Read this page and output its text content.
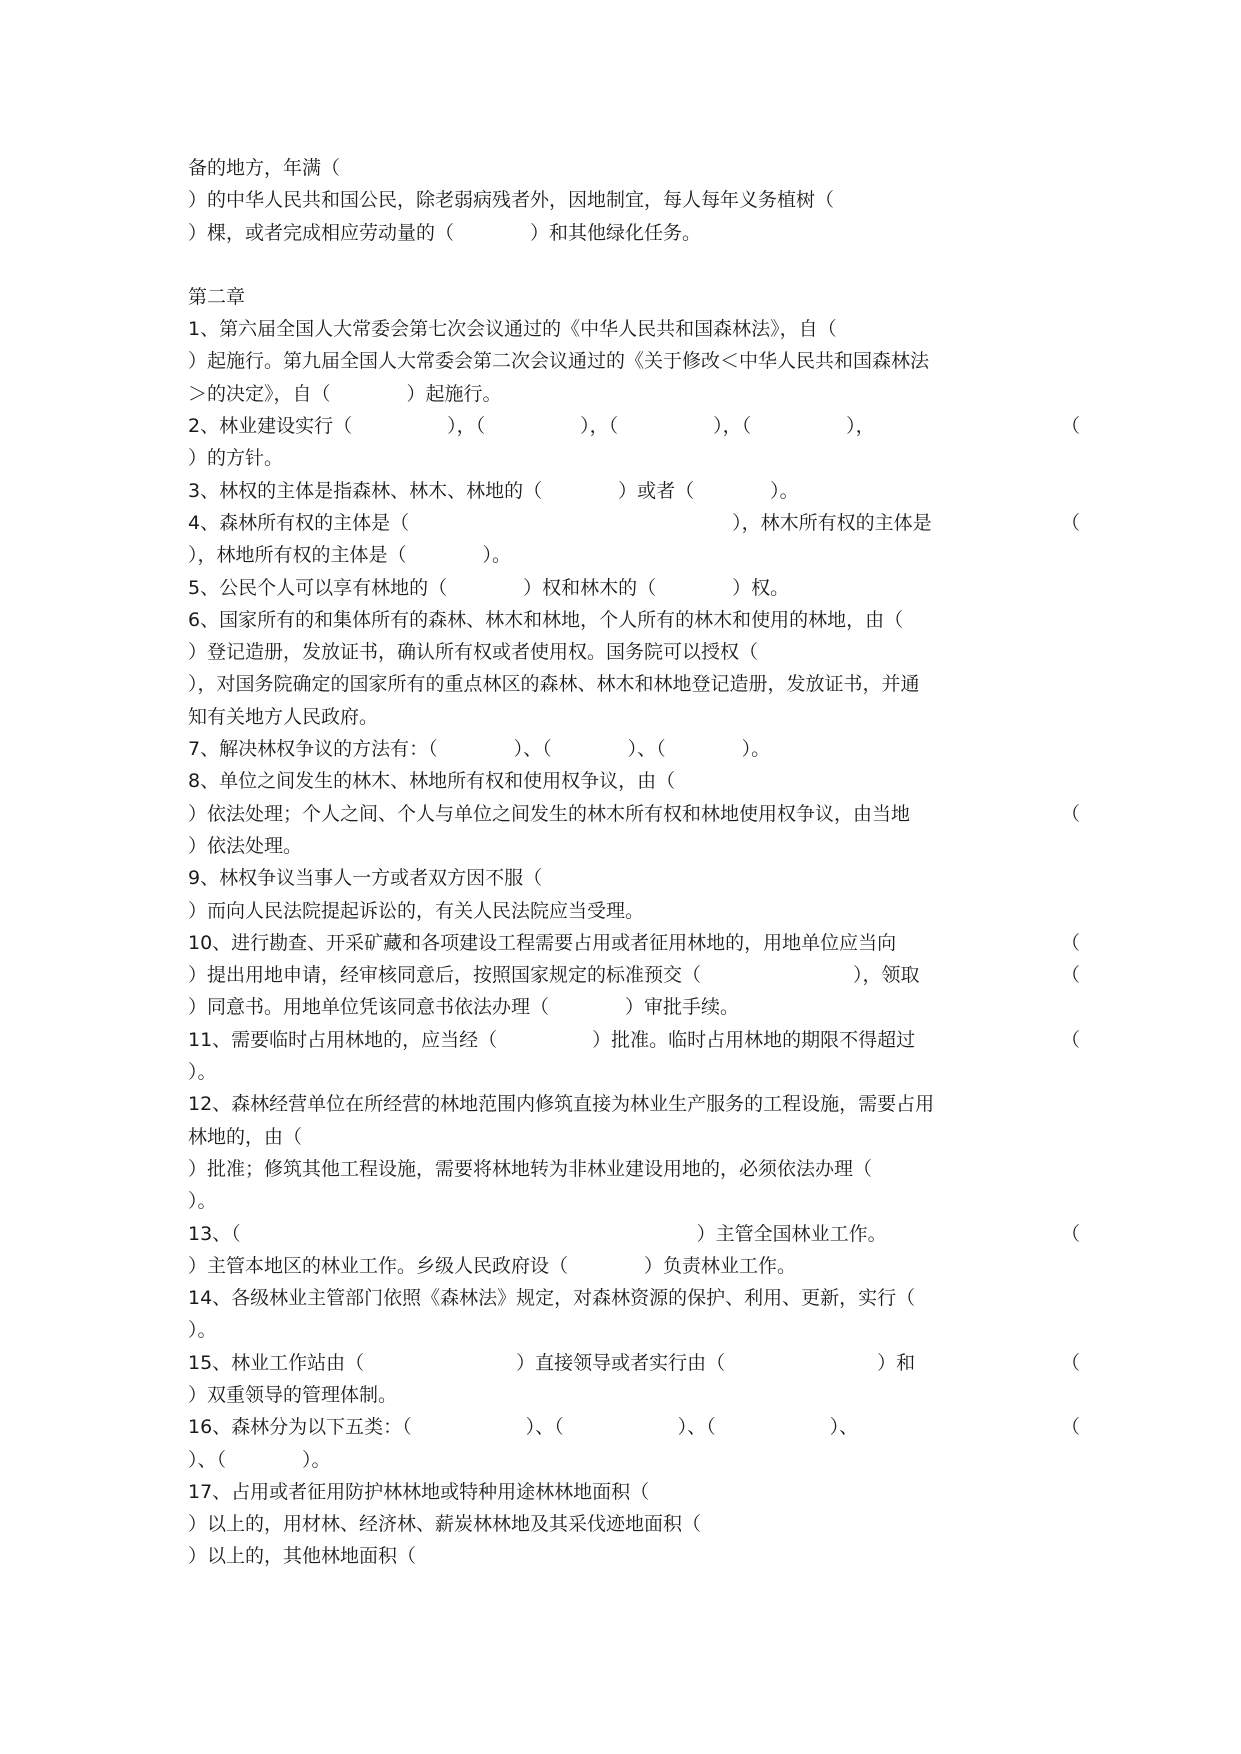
备的地方，年满（
）的中华人民共和国公民，除老弱病残者外，因地制宜，每人每年义务植树（
）棵，或者完成相应劳动量的（　　　　）和其他绿化任务。
第二章
1、第六届全国人大常委会第七次会议通过的《中华人民共和国森林法》，自（
）起施行。第九届全国人大常委会第二次会议通过的《关于修改＜中华人民共和国森林法
＞的决定》，自（　　　　）起施行。
2、林业建设实行（　　　　　），（　　　　　），（　　　　　），（　　　　　），	（
）的方针。
3、林权的主体是指森林、林木、林地的（　　　　）或者（　　　　）。
4、森林所有权的主体是（　　　　　　　　　　　　　　　　　），林木所有权的主体是	（
），林地所有权的主体是（　　　　）。
5、公民个人可以享有林地的（　　　　）权和林木的（　　　　）权。
6、国家所有的和集体所有的森林、林木和林地，个人所有的林木和使用的林地，由（
）登记造册，发放证书，确认所有权或者使用权。国务院可以授权（
），对国务院确定的国家所有的重点林区的森林、林木和林地登记造册，发放证书，并通
知有关地方人民政府。
7、解决林权争议的方法有：（　　　　）、（　　　　）、（　　　　）。
8、单位之间发生的林木、林地所有权和使用权争议，由（
）依法处理；个人之间、个人与单位之间发生的林木所有权和林地使用权争议，由当地	（
）依法处理。
9、林权争议当事人一方或者双方因不服（
）而向人民法院提起诉讼的，有关人民法院应当受理。
10、进行勘查、开采矿藏和各项建设工程需要占用或者征用林地的，用地单位应当向	（
）提出用地申请，经审核同意后，按照国家规定的标准预交（　　　　　　　　），领取	（
）同意书。用地单位凭该同意书依法办理（　　　　）审批手续。
11、需要临时占用林地的，应当经（　　　　　）批准。临时占用林地的期限不得超过	（
）。
12、森林经营单位在所经营的林地范围内修筑直接为林业生产服务的工程设施，需要占用
林地的，由（
）批准；修筑其他工程设施，需要将林地转为非林业建设用地的，必须依法办理（
）。
13、（　　　　　　　　　　　　　　　　　　　　　　　　）主管全国林业工作。	（
）主管本地区的林业工作。乡级人民政府设（　　　　）负责林业工作。
14、各级林业主管部门依照《森林法》规定，对森林资源的保护、利用、更新，实行（
）。
15、林业工作站由（　　　　　　　　）直接领导或者实行由（　　　　　　　　）和	（
）双重领导的管理体制。
16、森林分为以下五类：（　　　　　　）、（　　　　　　）、（　　　　　　）、	（
）、（　　　　）。
17、占用或者征用防护林林地或特种用途林林地面积（
）以上的，用材林、经济林、薪炭林林地及其采伐迹地面积（
）以上的，其他林地面积（
